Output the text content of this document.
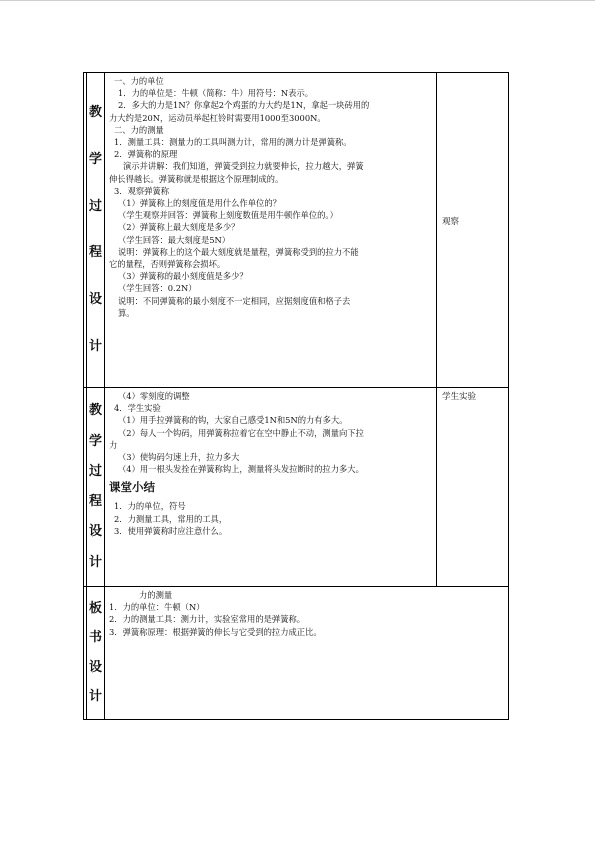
教
学
过
程
设
计
一、力的单位
1．力的单位是：牛顿（简称：牛）用符号：N表示。
2．多大的力是1N？你拿起2个鸡蛋的力大约是1N，拿起一块砖用的
力大约是20N，运动员举起杠铃时需要用1000至3000N。
二、力的测量
1．测量工具：测量力的工具叫测力计，常用的测力计是弹簧称。
2．弹簧称的原理
演示并讲解：我们知道，弹簧受到拉力就要伸长，拉力越大，弹簧
伸长得越长。弹簧称就是根据这个原理制成的。
3．观察弹簧称
（1）弹簧称上的刻度值是用什么作单位的？
（学生观察并回答：弹簧称上刻度数值是用牛顿作单位的。）
（2）弹簧称上最大刻度是多少？
（学生回答：最大刻度是5N）
说明：弹簧称上的这个最大刻度就是量程，弹簧称受到的拉力不能
它的量程，否则弹簧称会损坏。
（3）弹簧称的最小刻度值是多少？
（学生回答：0.2N）
说明：不同弹簧称的最小刻度不一定相同，应据刻度值和格子去
算。
观察
教
学
过
程
设
计
（4）零刻度的调整
4．学生实验
（1）用手拉弹簧称的钩，大家自己感受1N和5N的力有多大。
（2）每人一个钩码，用弹簧称拉着它在空中静止不动，测量向下拉
力
（3）使钩码匀速上升，拉力多大
（4）用一根头发拴在弹簧称钩上，测量将头发拉断时的拉力多大。
课堂小结
1．力的单位，符号
2．力测量工具，常用的工具，
3．使用弹簧称时应注意什么。
学生实验
板
书
设
计
力的测量
1．力的单位：牛顿（N）
2．力的测量工具：测力计，实验室常用的是弹簧称。
3．弹簧称原理：根据弹簧的伸长与它受到的拉力成正比。
